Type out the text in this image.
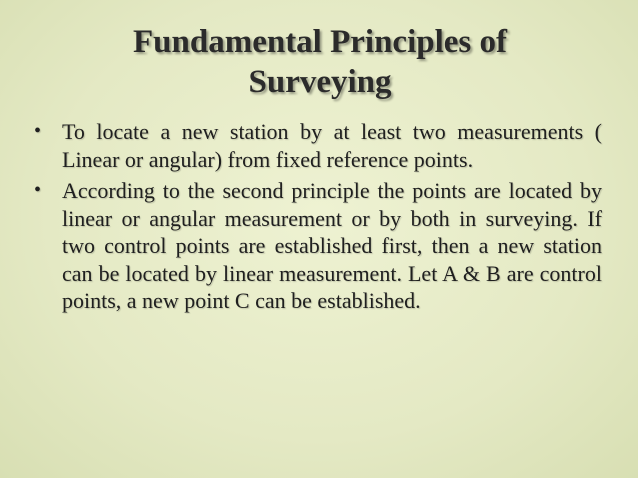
Fundamental Principles of
Surveying
• To locate a new station by at least two measurements ( Linear or angular) from fixed reference points.
• According to the second principle the points are located by linear or angular measurement or by both in surveying. If two control points are established first, then a new station can be located by linear measurement. Let A & B are control points, a new point C can be established.
